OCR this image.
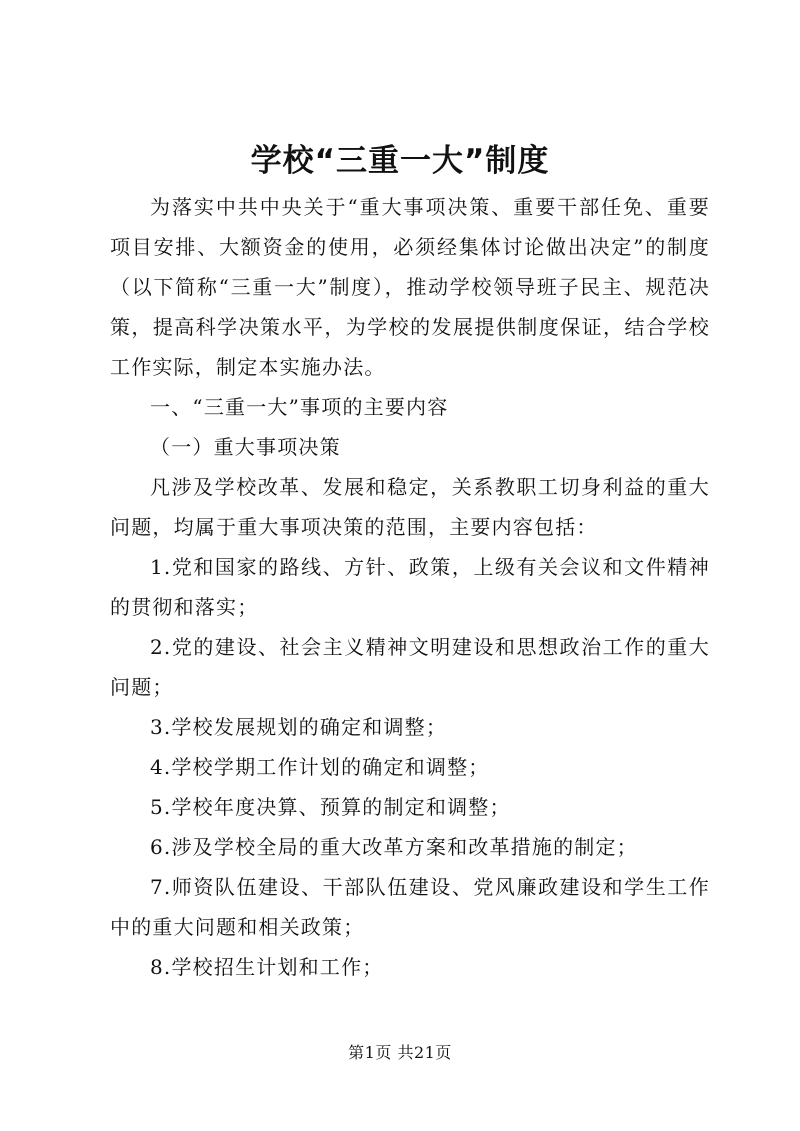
学校“三重一大”制度

为落实中共中央关于“重大事项决策、重要干部任免、重要项目安排、大额资金的使用，必须经集体讨论做出决定”的制度（以下简称“三重一大”制度），推动学校领导班子民主、规范决策，提高科学决策水平，为学校的发展提供制度保证，结合学校工作实际，制定本实施办法。

一、“三重一大”事项的主要内容

（一）重大事项决策

凡涉及学校改革、发展和稳定，关系教职工切身利益的重大问题，均属于重大事项决策的范围，主要内容包括：

1.党和国家的路线、方针、政策，上级有关会议和文件精神的贯彻和落实；

2.党的建设、社会主义精神文明建设和思想政治工作的重大问题；

3.学校发展规划的确定和调整；

4.学校学期工作计划的确定和调整；

5.学校年度决算、预算的制定和调整；

6.涉及学校全局的重大改革方案和改革措施的制定；

7.师资队伍建设、干部队伍建设、党风廉政建设和学生工作中的重大问题和相关政策；

8.学校招生计划和工作；

第1页 共21页
